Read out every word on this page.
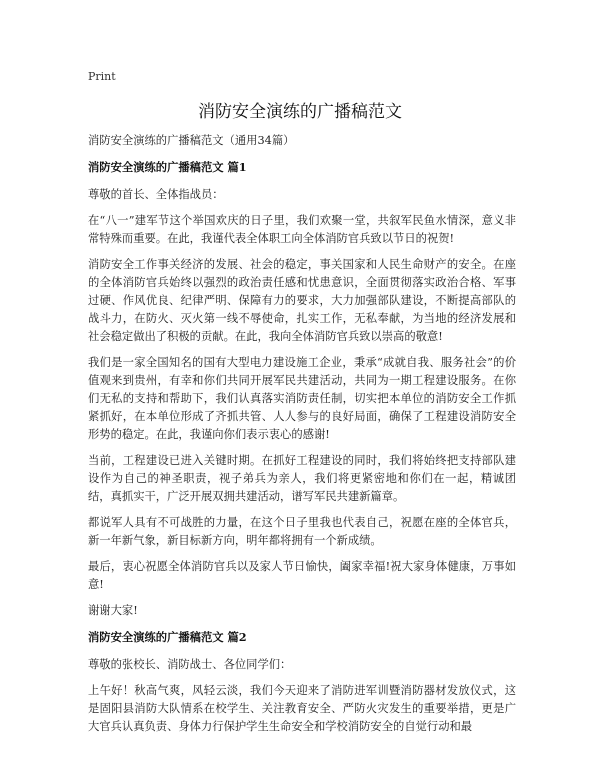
Print
消防安全演练的广播稿范文

消防安全演练的广播稿范文（通用34篇）

消防安全演练的广播稿范文 篇1

尊敬的首长、全体指战员：

在“八一”建军节这个举国欢庆的日子里，我们欢聚一堂，共叙军民鱼水情深，意义非常特殊而重要。在此，我谨代表全体职工向全体消防官兵致以节日的祝贺!

消防安全工作事关经济的发展、社会的稳定，事关国家和人民生命财产的安全。在座的全体消防官兵始终以强烈的政治责任感和忧患意识，全面贯彻落实政治合格、军事过硬、作风优良、纪律严明、保障有力的要求，大力加强部队建设，不断提高部队的战斗力，在防火、灭火第一线不辱使命，扎实工作，无私奉献，为当地的经济发展和社会稳定做出了积极的贡献。在此，我向全体消防官兵致以崇高的敬意!

我们是一家全国知名的国有大型电力建设施工企业，秉承“成就自我、服务社会”的价值观来到贵州，有幸和你们共同开展军民共建活动，共同为一期工程建设服务。在你们无私的支持和帮助下，我们认真落实消防责任制，切实把本单位的消防安全工作抓紧抓好，在本单位形成了齐抓共管、人人参与的良好局面，确保了工程建设消防安全形势的稳定。在此，我谨向你们表示衷心的感谢!

当前，工程建设已进入关键时期。在抓好工程建设的同时，我们将始终把支持部队建设作为自己的神圣职责，视子弟兵为亲人，我们将更紧密地和你们在一起，精诚团结，真抓实干，广泛开展双拥共建活动，谱写军民共建新篇章。

都说军人具有不可战胜的力量，在这个日子里我也代表自己，祝愿在座的全体官兵，新一年新气象，新目标新方向，明年都将拥有一个新成绩。

最后，衷心祝愿全体消防官兵以及家人节日愉快，阖家幸福!祝大家身体健康，万事如意!

谢谢大家!

消防安全演练的广播稿范文 篇2

尊敬的张校长、消防战士、各位同学们：

上午好！秋高气爽，风轻云淡，我们今天迎来了消防进军训暨消防器材发放仪式，这是固阳县消防大队情系在校学生、关注教育安全、严防火灾发生的重要举措，更是广大官兵认真负责、身体力行保护学生生命安全和学校消防安全的自觉行动和最
